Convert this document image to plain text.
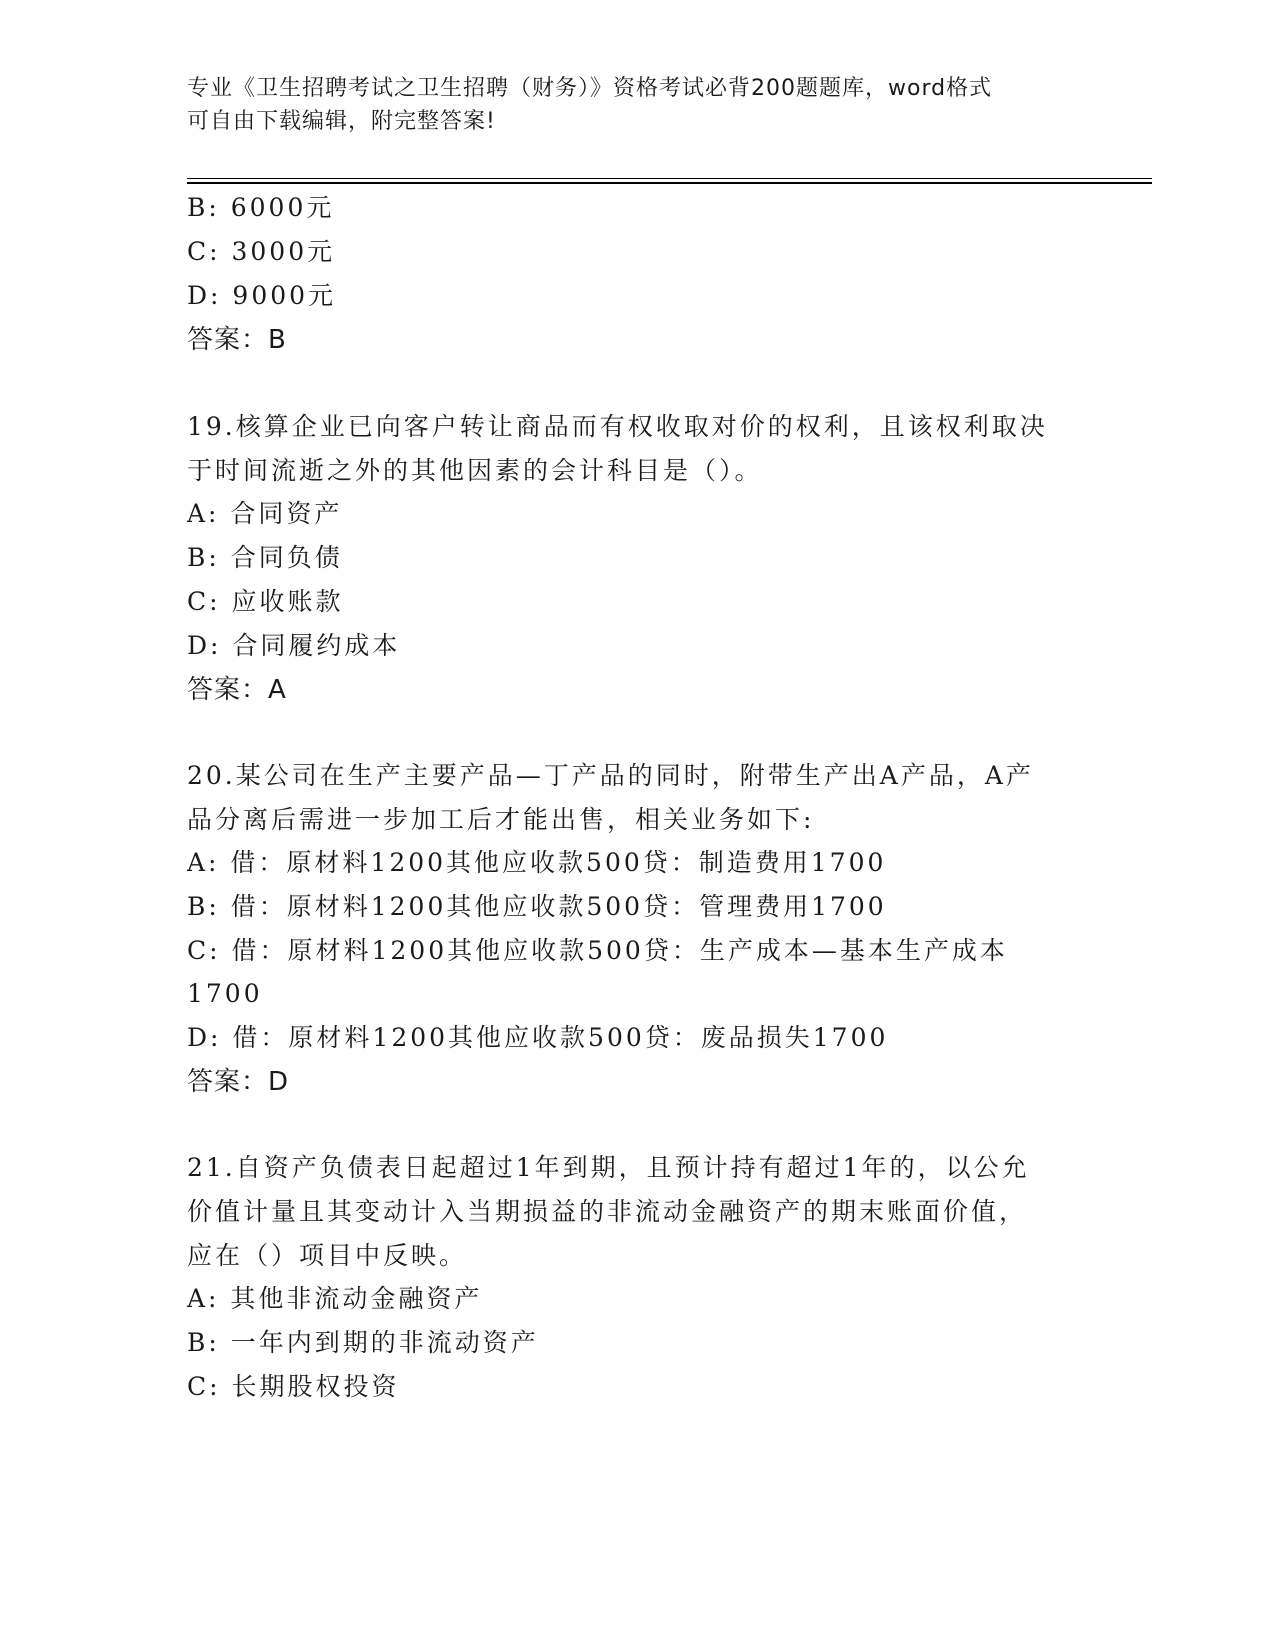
专业《卫生招聘考试之卫生招聘（财务）》资格考试必背200题题库，word格式
可自由下载编辑，附完整答案!
B: 6000元
C: 3000元
D: 9000元
答案：B
19.核算企业已向客户转让商品而有权收取对价的权利，且该权利取决
于时间流逝之外的其他因素的会计科目是（）。
A: 合同资产
B: 合同负债
C: 应收账款
D: 合同履约成本
答案：A
20.某公司在生产主要产品—丁产品的同时，附带生产出A产品，A产
品分离后需进一步加工后才能出售，相关业务如下:
A: 借：原材料1200其他应收款500贷：制造费用1700
B: 借：原材料1200其他应收款500贷：管理费用1700
C: 借：原材料1200其他应收款500贷：生产成本—基本生产成本
1700
D: 借：原材料1200其他应收款500贷：废品损失1700
答案：D
21.自资产负债表日起超过1年到期，且预计持有超过1年的，以公允
价值计量且其变动计入当期损益的非流动金融资产的期末账面价值，
应在（）项目中反映。
A: 其他非流动金融资产
B: 一年内到期的非流动资产
C: 长期股权投资
